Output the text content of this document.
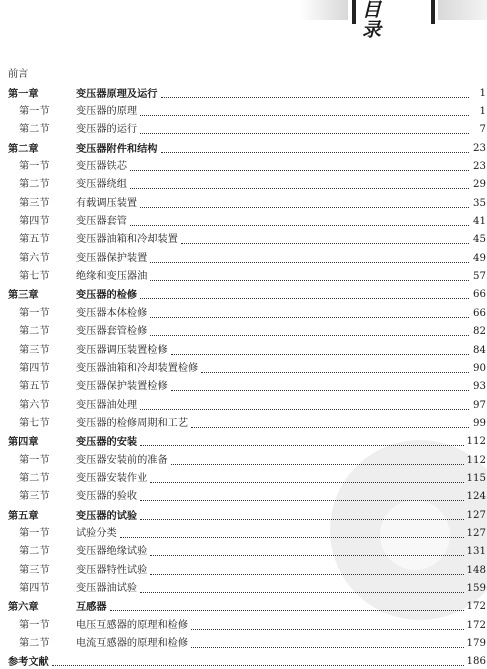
目 录
前言
第一章	变压器原理及运行	1
第一节	变压器的原理	1
第二节	变压器的运行	7
第二章	变压器附件和结构	23
第一节	变压器铁芯	23
第二节	变压器绕组	29
第三节	有载调压装置	35
第四节	变压器套管	41
第五节	变压器油箱和冷却装置	45
第六节	变压器保护装置	49
第七节	绝缘和变压器油	57
第三章	变压器的检修	66
第一节	变压器本体检修	66
第二节	变压器套管检修	82
第三节	变压器调压装置检修	84
第四节	变压器油箱和冷却装置检修	90
第五节	变压器保护装置检修	93
第六节	变压器油处理	97
第七节	变压器的检修周期和工艺	99
第四章	变压器的安装	112
第一节	变压器安装前的准备	112
第二节	变压器安装作业	115
第三节	变压器的验收	124
第五章	变压器的试验	127
第一节	试验分类	127
第二节	变压器绝缘试验	131
第三节	变压器特性试验	148
第四节	变压器油试验	159
第六章	互感器	172
第一节	电压互感器的原理和检修	172
第二节	电流互感器的原理和检修	179
参考文献	186
